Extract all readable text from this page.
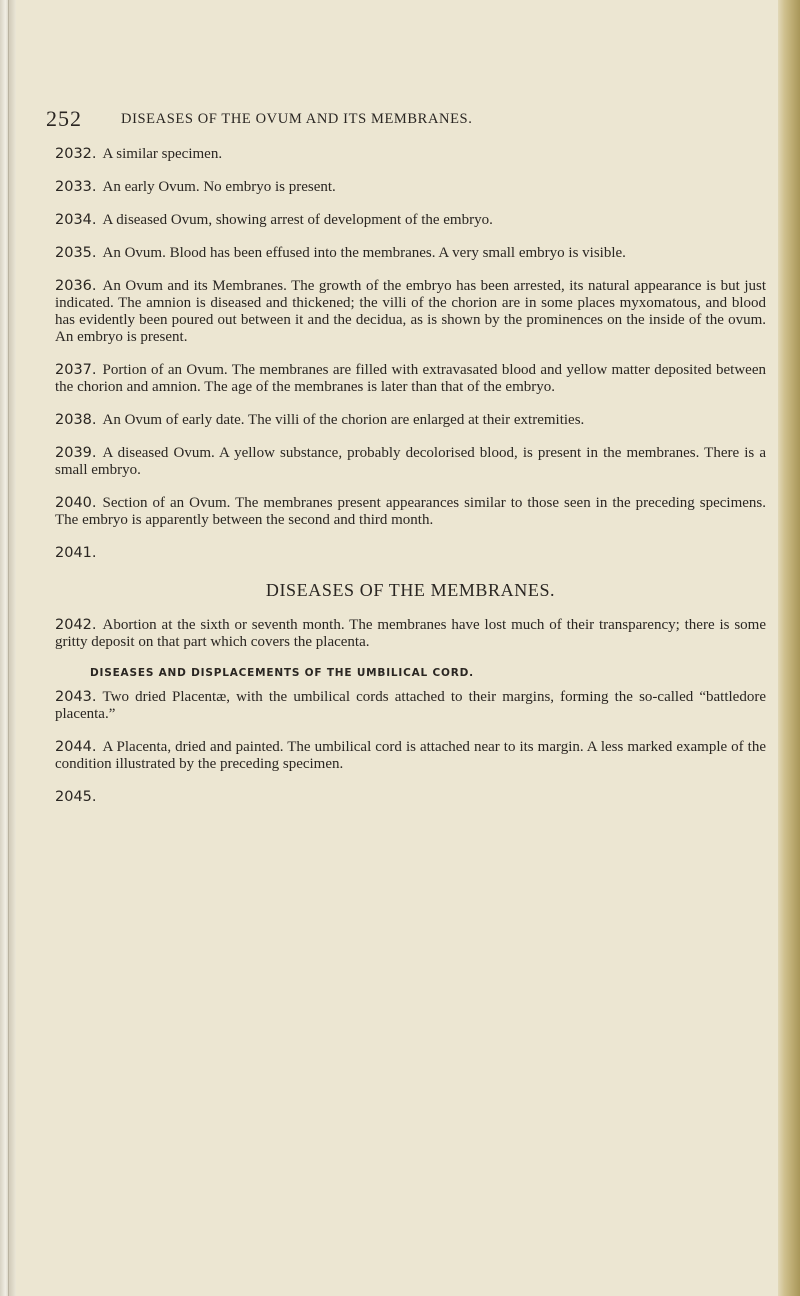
252	DISEASES OF THE OVUM AND ITS MEMBRANES.

2032. A similar specimen.

2033. An early Ovum. No embryo is present.

2034. A diseased Ovum, showing arrest of development of the embryo.

2035. An Ovum. Blood has been effused into the membranes. A very small embryo is visible.

2036. An Ovum and its Membranes. The growth of the embryo has been arrested, its natural appearance is but just indicated. The amnion is diseased and thickened; the villi of the chorion are in some places myxomatous, and blood has evidently been poured out between it and the decidua, as is shown by the prominences on the inside of the ovum. An embryo is present.

2037. Portion of an Ovum. The membranes are filled with extravasated blood and yellow matter deposited between the chorion and amnion. The age of the membranes is later than that of the embryo.

2038. An Ovum of early date. The villi of the chorion are enlarged at their extremities.

2039. A diseased Ovum. A yellow substance, probably decolorised blood, is present in the membranes. There is a small embryo.

2040. Section of an Ovum. The membranes present appearances similar to those seen in the preceding specimens. The embryo is apparently between the second and third month.

2041.

DISEASES OF THE MEMBRANES.

2042. Abortion at the sixth or seventh month. The membranes have lost much of their transparency; there is some gritty deposit on that part which covers the placenta.

DISEASES AND DISPLACEMENTS OF THE UMBILICAL CORD.

2043. Two dried Placentæ, with the umbilical cords attached to their margins, forming the so-called “battledore placenta.”

2044. A Placenta, dried and painted. The umbilical cord is attached near to its margin. A less marked example of the condition illustrated by the preceding specimen.

2045.
